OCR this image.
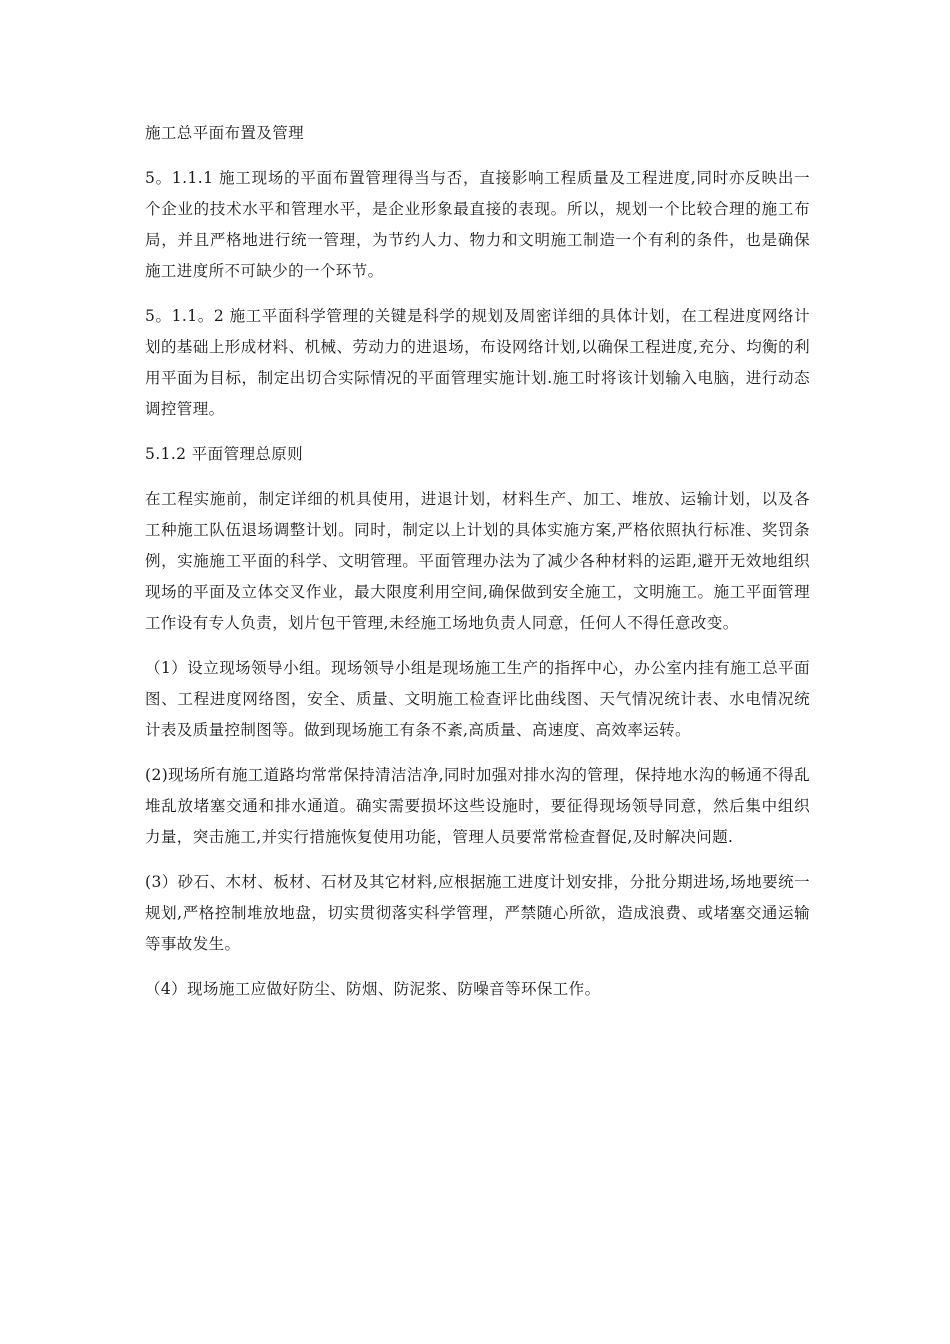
施工总平面布置及管理

5。1.1.1 施工现场的平面布置管理得当与否，直接影响工程质量及工程进度,同时亦反映出一个企业的技术水平和管理水平，是企业形象最直接的表现。所以，规划一个比较合理的施工布局，并且严格地进行统一管理，为节约人力、物力和文明施工制造一个有利的条件，也是确保施工进度所不可缺少的一个环节。

5。1.1。2 施工平面科学管理的关键是科学的规划及周密详细的具体计划，在工程进度网络计划的基础上形成材料、机械、劳动力的进退场，布设网络计划,以确保工程进度,充分、均衡的利用平面为目标，制定出切合实际情况的平面管理实施计划.施工时将该计划输入电脑，进行动态调控管理。

5.1.2 平面管理总原则

在工程实施前，制定详细的机具使用，进退计划，材料生产、加工、堆放、运输计划，以及各工种施工队伍退场调整计划。同时，制定以上计划的具体实施方案,严格依照执行标准、奖罚条例，实施施工平面的科学、文明管理。平面管理办法为了减少各种材料的运距,避开无效地组织现场的平面及立体交叉作业，最大限度利用空间,确保做到安全施工，文明施工。施工平面管理工作设有专人负责，划片包干管理,未经施工场地负责人同意，任何人不得任意改变。

（1）设立现场领导小组。现场领导小组是现场施工生产的指挥中心，办公室内挂有施工总平面图、工程进度网络图，安全、质量、文明施工检查评比曲线图、天气情况统计表、水电情况统计表及质量控制图等。做到现场施工有条不紊,高质量、高速度、高效率运转。

(2)现场所有施工道路均常常保持清洁洁净,同时加强对排水沟的管理，保持地水沟的畅通不得乱堆乱放堵塞交通和排水通道。确实需要损坏这些设施时，要征得现场领导同意，然后集中组织力量，突击施工,并实行措施恢复使用功能，管理人员要常常检查督促,及时解决问题.

(3）砂石、木材、板材、石材及其它材料,应根据施工进度计划安排，分批分期进场,场地要统一规划,严格控制堆放地盘，切实贯彻落实科学管理，严禁随心所欲，造成浪费、或堵塞交通运输等事故发生。

（4）现场施工应做好防尘、防烟、防泥浆、防噪音等环保工作。
